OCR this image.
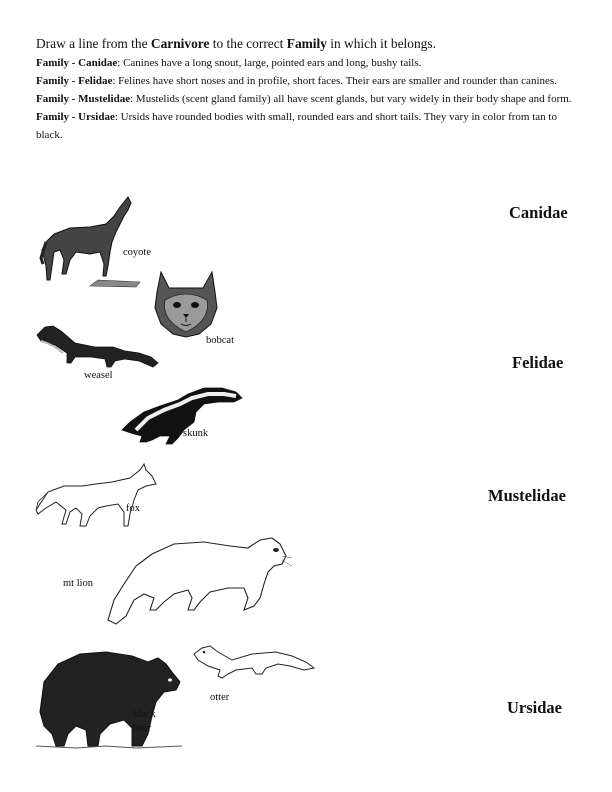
Draw a line from the Carnivore to the correct Family in which it belongs.

Family - Canidae: Canines have a long snout, large, pointed ears and long, bushy tails.

Family - Felidae: Felines have short noses and in profile, short faces. Their ears are smaller and rounder than canines.

Family - Mustelidae: Mustelids (scent gland family) all have scent glands, but vary widely in their body shape and form.

Family - Ursidae: Ursids have rounded bodies with small, rounded ears and short tails. They vary in color from tan to black.

coyote
bobcat
weasel
skunk
fox
mt lion
otter
black
bear
Canidae
Felidae
Mustelidae
Ursidae
